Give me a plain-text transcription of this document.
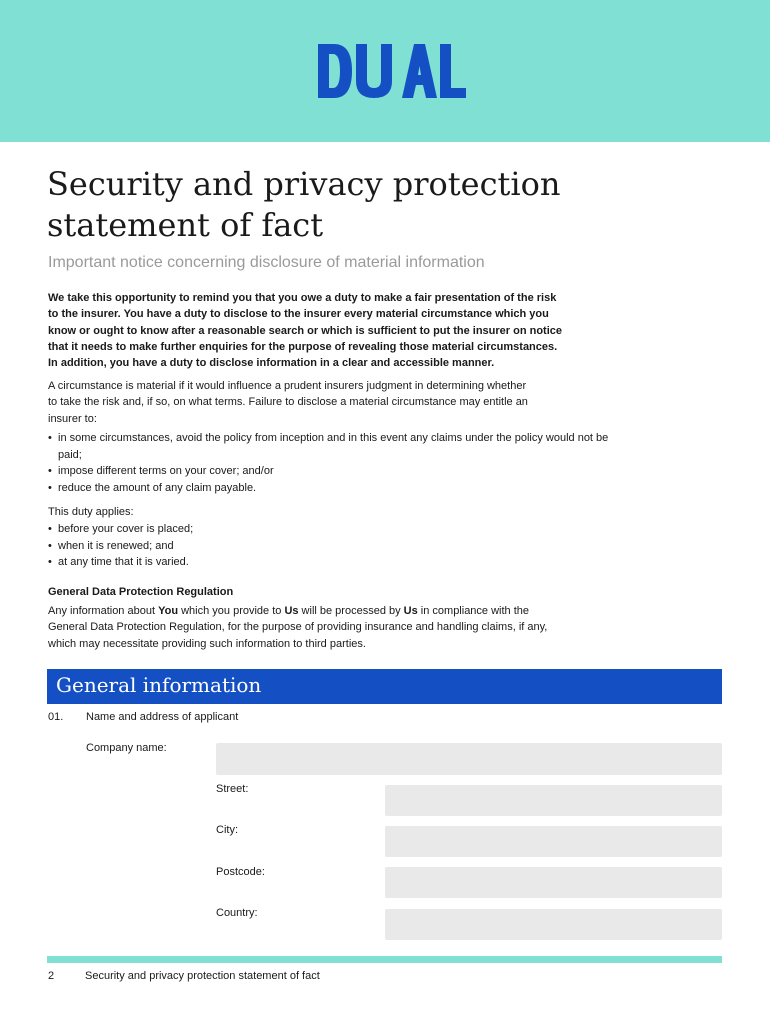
Security and privacy protection
statement of fact
Important notice concerning disclosure of material information

We take this opportunity to remind you that you owe a duty to make a fair presentation of the risk
to the insurer. You have a duty to disclose to the insurer every material circumstance which you
know or ought to know after a reasonable search or which is sufficient to put the insurer on notice
that it needs to make further enquiries for the purpose of revealing those material circumstances.
In addition, you have a duty to disclose information in a clear and accessible manner.

A circumstance is material if it would influence a prudent insurers judgment in determining whether
to take the risk and, if so, on what terms. Failure to disclose a material circumstance may entitle an
insurer to:

• in some circumstances, avoid the policy from inception and in this event any claims under the policy would not be paid;
• impose different terms on your cover; and/or
• reduce the amount of any claim payable.
This duty applies:
• before your cover is placed;
• when it is renewed; and
• at any time that it is varied.
General Data Protection Regulation

Any information about You which you provide to Us will be processed by Us in compliance with the
General Data Protection Regulation, for the purpose of providing insurance and handling claims, if any,
which may necessitate providing such information to third parties.

General information
01. Name and address of applicant
Company name:
Street:
City:
Postcode:
Country:
2	Security and privacy protection statement of fact
